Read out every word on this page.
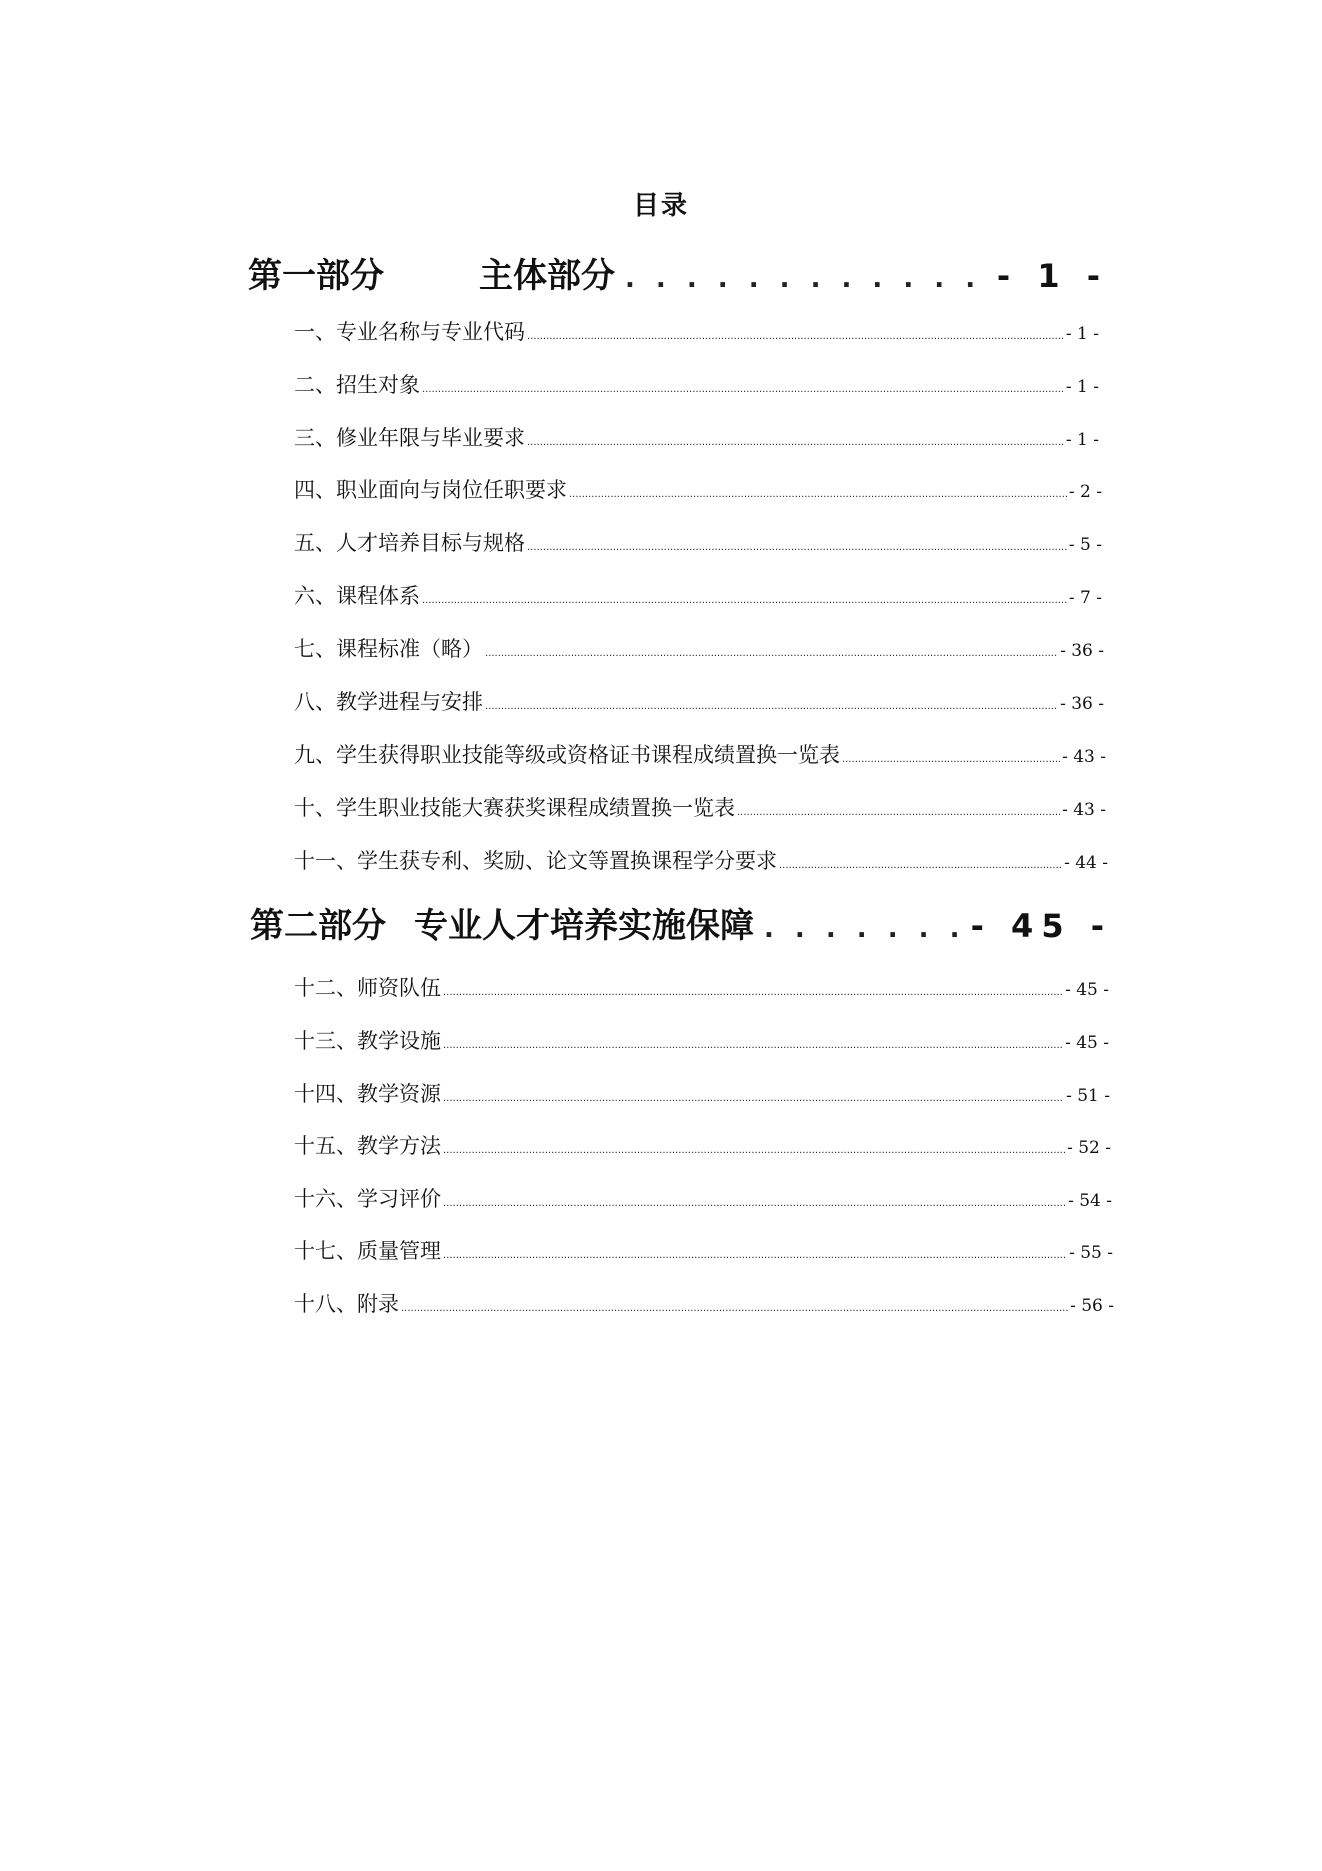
目录
第一部分	主体部分 . . .	- 1 -
一、专业名称与专业代码 .....	- 1 -
二、招生对象 .....	- 1 -
三、修业年限与毕业要求 .....	- 1 -
四、职业面向与岗位任职要求 .....	- 2 -
五、人才培养目标与规格 .....	- 5 -
六、课程体系 .....	- 7 -
七、课程标准（略） .....	- 36 -
八、教学进程与安排 .....	- 36 -
九、学生获得职业技能等级或资格证书课程成绩置换一览表 .....	- 43 -
十、学生职业技能大赛获奖课程成绩置换一览表 .....	- 43 -
十一、学生获专利、奖励、论文等置换课程学分要求 .....	- 44 -
第二部分 专业人才培养实施保障 . . .	- 45 -
十二、师资队伍 .....	- 45 -
十三、教学设施 .....	- 45 -
十四、教学资源 .....	- 51 -
十五、教学方法 .....	- 52 -
十六、学习评价 .....	- 54 -
十七、质量管理 .....	- 55 -
十八、附录 .....	- 56 -
